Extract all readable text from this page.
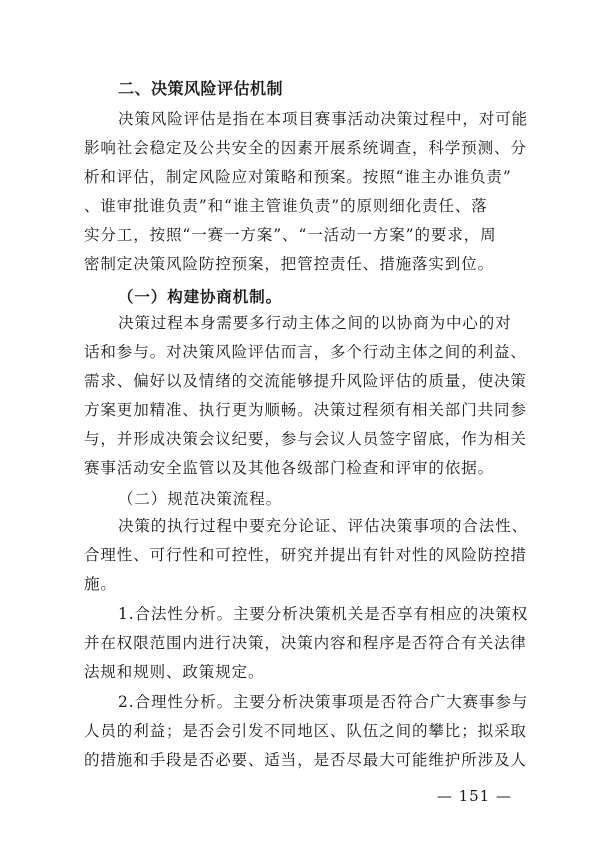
二、决策风险评估机制
决策风险评估是指在本项目赛事活动决策过程中，对可能
影响社会稳定及公共安全的因素开展系统调查，科学预测、分
析和评估，制定风险应对策略和预案。按照“谁主办谁负责”
、谁审批谁负责”和“谁主管谁负责”的原则细化责任、落
实分工，按照“一赛一方案”、“一活动一方案”的要求，周
密制定决策风险防控预案，把管控责任、措施落实到位。
（一）构建协商机制。
决策过程本身需要多行动主体之间的以协商为中心的对
话和参与。对决策风险评估而言，多个行动主体之间的利益、
需求、偏好以及情绪的交流能够提升风险评估的质量，使决策
方案更加精准、执行更为顺畅。决策过程须有相关部门共同参
与，并形成决策会议纪要，参与会议人员签字留底，作为相关
赛事活动安全监管以及其他各级部门检查和评审的依据。
（二）规范决策流程。
决策的执行过程中要充分论证、评估决策事项的合法性、
合理性、可行性和可控性，研究并提出有针对性的风险防控措
施。
1.合法性分析。主要分析决策机关是否享有相应的决策权
并在权限范围内进行决策，决策内容和程序是否符合有关法律
法规和规则、政策规定。
2.合理性分析。主要分析决策事项是否符合广大赛事参与
人员的利益；是否会引发不同地区、队伍之间的攀比；拟采取
的措施和手段是否必要、适当，是否尽最大可能维护所涉及人
— 151 —
